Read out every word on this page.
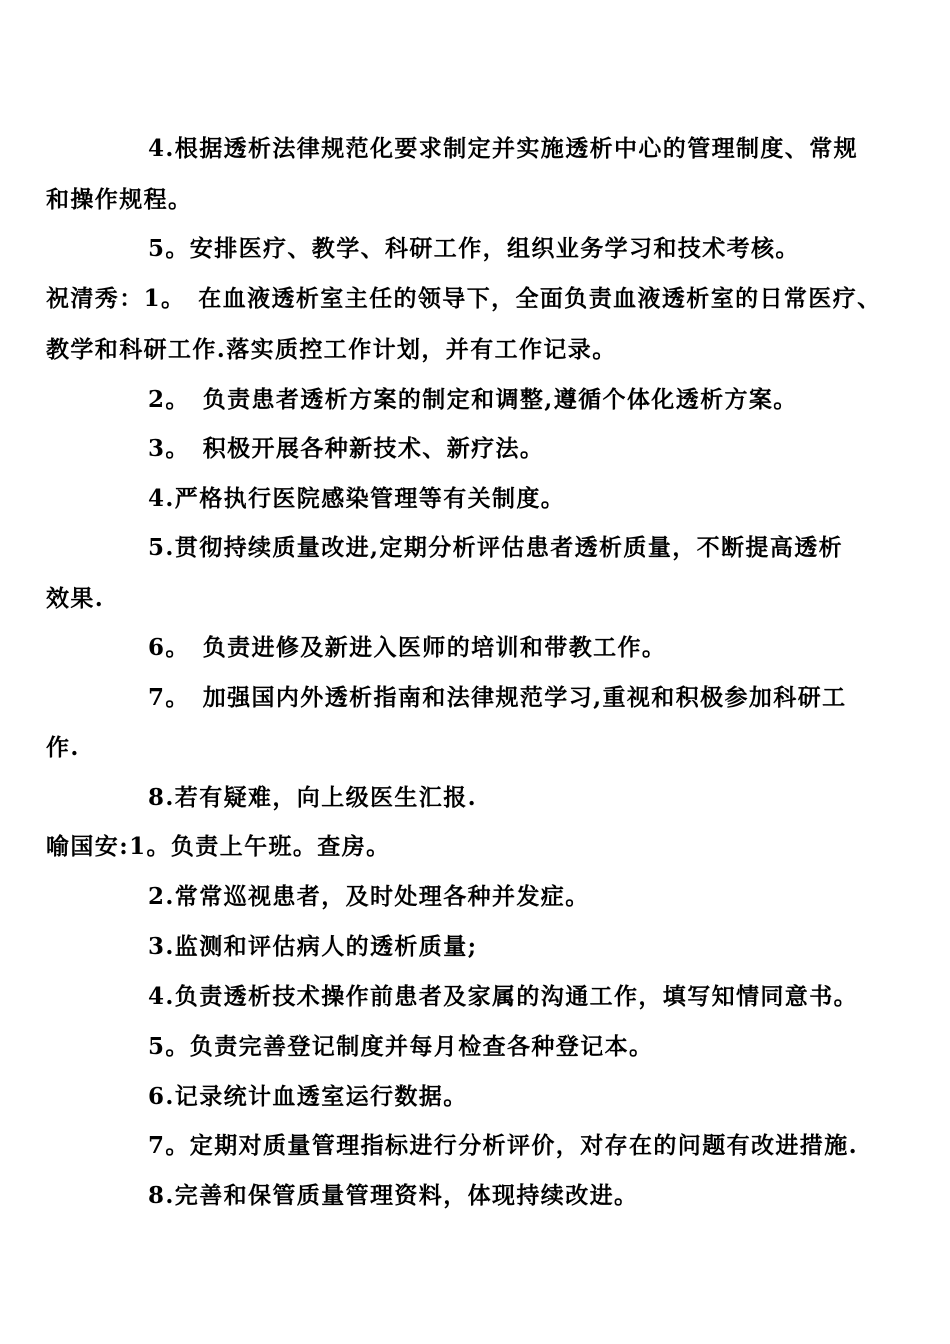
4.根据透析法律规范化要求制定并实施透析中心的管理制度、常规
和操作规程。
5。安排医疗、教学、科研工作，组织业务学习和技术考核。
祝清秀：1。　在血液透析室主任的领导下，全面负责血液透析室的日常医疗、
教学和科研工作.落实质控工作计划，并有工作记录。
2。　负责患者透析方案的制定和调整,遵循个体化透析方案。
3。　积极开展各种新技术、新疗法。
4.严格执行医院感染管理等有关制度。
5.贯彻持续质量改进,定期分析评估患者透析质量，不断提高透析
效果.
6。　负责进修及新进入医师的培训和带教工作。
7。　加强国内外透析指南和法律规范学习,重视和积极参加科研工
作.
8.若有疑难，向上级医生汇报.
喻国安:1。负责上午班。查房。
2.常常巡视患者，及时处理各种并发症。
3.监测和评估病人的透析质量;
4.负责透析技术操作前患者及家属的沟通工作，填写知情同意书。
5。负责完善登记制度并每月检查各种登记本。
6.记录统计血透室运行数据。
7。定期对质量管理指标进行分析评价，对存在的问题有改进措施.
8.完善和保管质量管理资料，体现持续改进。
